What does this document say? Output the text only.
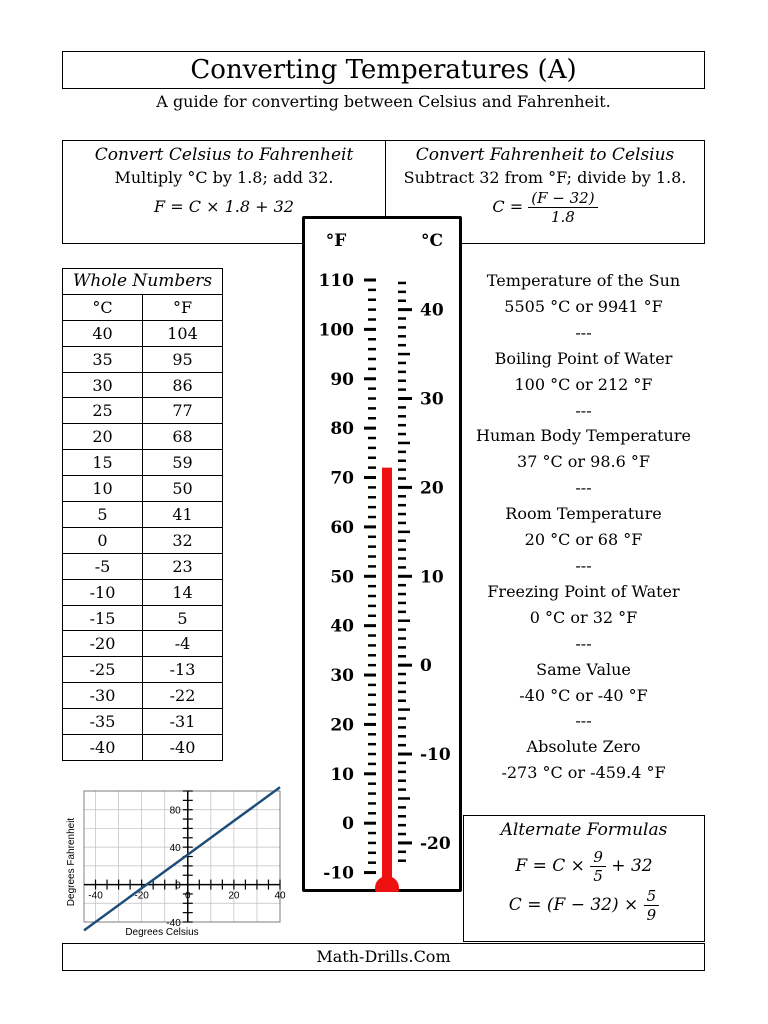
Converting Temperatures (A)
A guide for converting between Celsius and Fahrenheit.
Convert Celsius to Fahrenheit
Multiply °C by 1.8; add 32.
F = C × 1.8 + 32
Convert Fahrenheit to Celsius
Subtract 32 from °F; divide by 1.8.
$C = \frac{(F - 32)}{1.8}$
Whole Numbers	
°C	°F
40	104
35	95
30	86
25	77
20	68
15	59
10	50
5	41
0	32
-5	23
-10	14
-15	5
-20	-4
-25	-13
-30	-22
-35	-31
-40	-40
-40	-20	0	20	40
80
40
0
-40
Degrees Celsius
Degrees Fahrenheit
°F	°C
110
100
90
80
70
60
50
40
30
20
10
0
-10
40
30
20
10
0
-10
-20
Temperature of the Sun
5505 °C or 9941 °F
---
Boiling Point of Water
100 °C or 212 °F
---
Human Body Temperature
37 °C or 98.6 °F
---
Room Temperature
20 °C or 68 °F
---
Freezing Point of Water
0 °C or 32 °F
---
Same Value
-40 °C or -40 °F
---
Absolute Zero
-273 °C or -459.4 °F
Alternate Formulas
$F = C \times \frac{9}{5} + 32$
$C = (F - 32) \times \frac{5}{9}$
Math-Drills.Com
